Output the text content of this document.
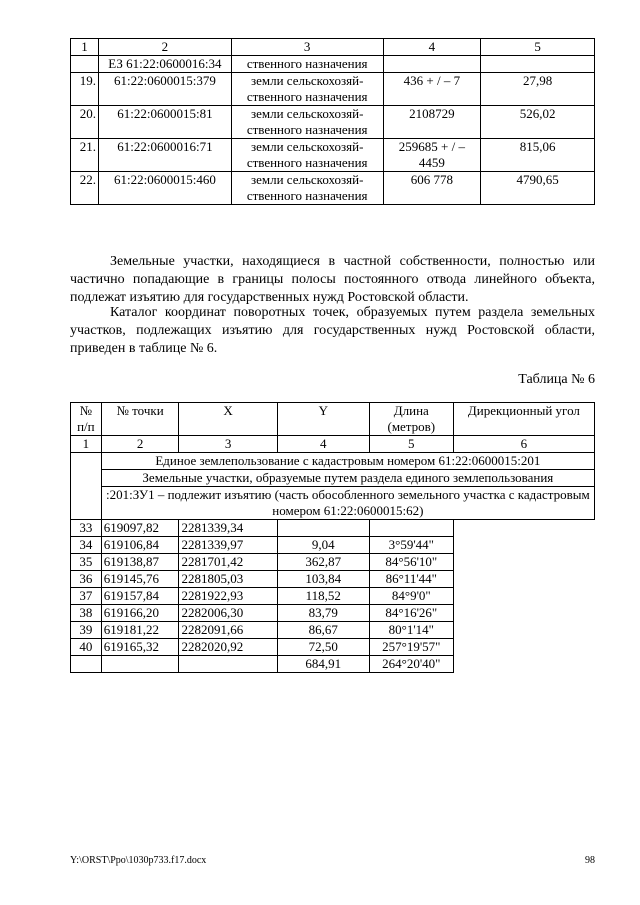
1	2	3	4	5
	ЕЗ 61:22:0600016:34	ственного назначения		
19.	61:22:0600015:379	земли сельскохозяй-ственного назначения	436 + / – 7	27,98
20.	61:22:0600015:81	земли сельскохозяй-ственного назначения	2108729	526,02
21.	61:22:0600016:71	земли сельскохозяй-ственного назначения	259685 + / – 4459	815,06
22.	61:22:0600015:460	земли сельскохозяй-ственного назначения	606 778	4790,65

Земельные участки, находящиеся в частной собственности, полностью или частично попадающие в границы полосы постоянного отвода линейного объекта, подлежат изъятию для государственных нужд Ростовской области.

Каталог координат поворотных точек, образуемых путем раздела земельных участков, подлежащих изъятию для государственных нужд Ростовской области, приведен в таблице № 6.

Таблица № 6
№ п/п	№ точки	X	Y	Длина (метров)	Дирекционный угол
1	2	3	4	5	6
	Единое землепользование с кадастровым номером 61:22:0600015:201				
	Земельные участки, образуемые путем раздела единого землепользования				
	:201:ЗУ1 – подлежит изъятию (часть обособленного земельного участка с кадастровым номером 61:22:0600015:62)				
33	619097,82	2281339,34			
34	619106,84	2281339,97	9,04	3°59'44"	
35	619138,87	2281701,42	362,87	84°56'10"	
36	619145,76	2281805,03	103,84	86°11'44"	
37	619157,84	2281922,93	118,52	84°9'0"	
38	619166,20	2282006,30	83,79	84°16'26"	
39	619181,22	2282091,66	86,67	80°1'14"	
40	619165,32	2282020,92	72,50	257°19'57"	
			684,91	264°20'40"	
Y:\ORST\Ppo\1030p733.f17.docx	98
